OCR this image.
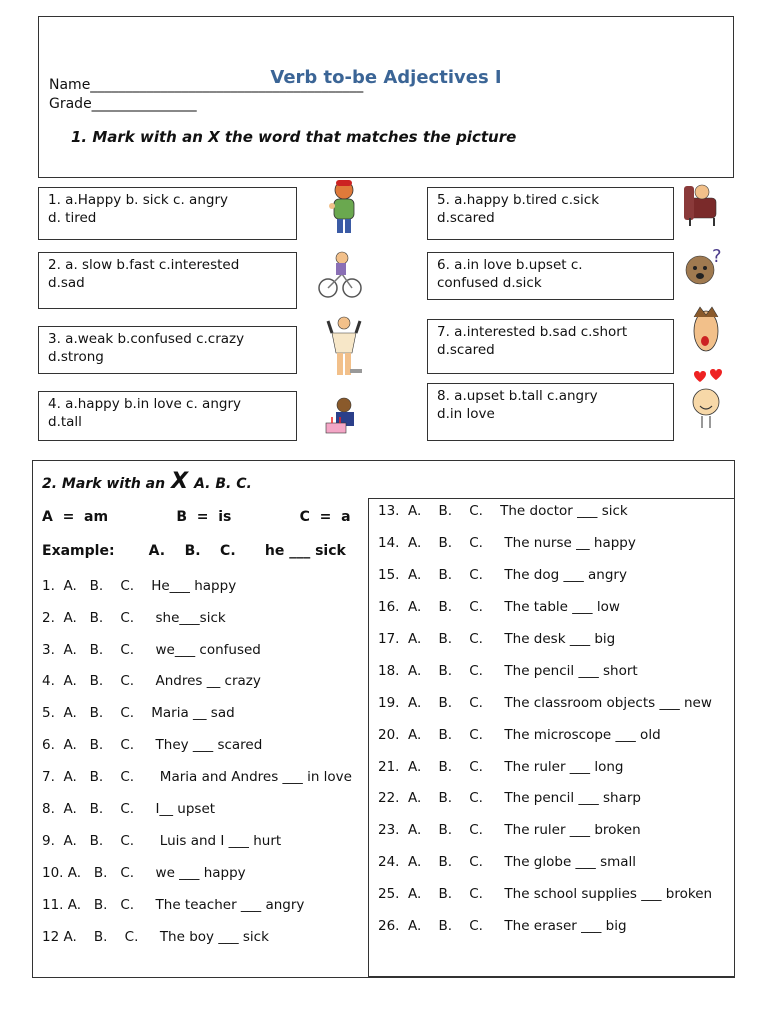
Verb to-be Adjectives I
Name_______________________________________
Grade_______________
1. Mark with an X the word that matches the picture
1. a.Happy b. sick c. angry
d. tired
2. a. slow b.fast c.interested
d.sad
3. a.weak b.confused c.crazy
d.strong
4. a.happy b.in love c. angry
d.tall
5. a.happy b.tired c.sick
d.scared
6. a.in love b.upset c.
confused d.sick
7. a.interested b.sad c.short
d.scared
8. a.upset b.tall c.angry
d.in love
?
2. Mark with an X A. B. C.
A  =  am              B  =  is              C  =  a
Example:       A.    B.    C.      he ___ sick
1.  A.   B.    C.    He___ happy
2.  A.   B.    C.     she___sick
3.  A.   B.    C.     we___ confused
4.  A.   B.    C.     Andres __ crazy
5.  A.   B.    C.    Maria __ sad
6.  A.   B.    C.     They ___ scared
7.  A.   B.    C.      Maria and Andres ___ in love
8.  A.   B.    C.     I__ upset
9.  A.   B.    C.      Luis and I ___ hurt
10. A.   B.   C.     we ___ happy
11. A.   B.   C.     The teacher ___ angry
12 A.    B.    C.     The boy ___ sick
13.  A.    B.    C.    The doctor ___ sick
14.  A.    B.    C.     The nurse __ happy
15.  A.    B.    C.     The dog ___ angry
16.  A.    B.    C.     The table ___ low
17.  A.    B.    C.     The desk ___ big
18.  A.    B.    C.     The pencil ___ short
19.  A.    B.    C.     The classroom objects ___ new
20.  A.    B.    C.     The microscope ___ old
21.  A.    B.    C.     The ruler ___ long
22.  A.    B.    C.     The pencil ___ sharp
23.  A.    B.    C.     The ruler ___ broken
24.  A.    B.    C.     The globe ___ small
25.  A.    B.    C.     The school supplies ___ broken
26.  A.    B.    C.     The eraser ___ big
